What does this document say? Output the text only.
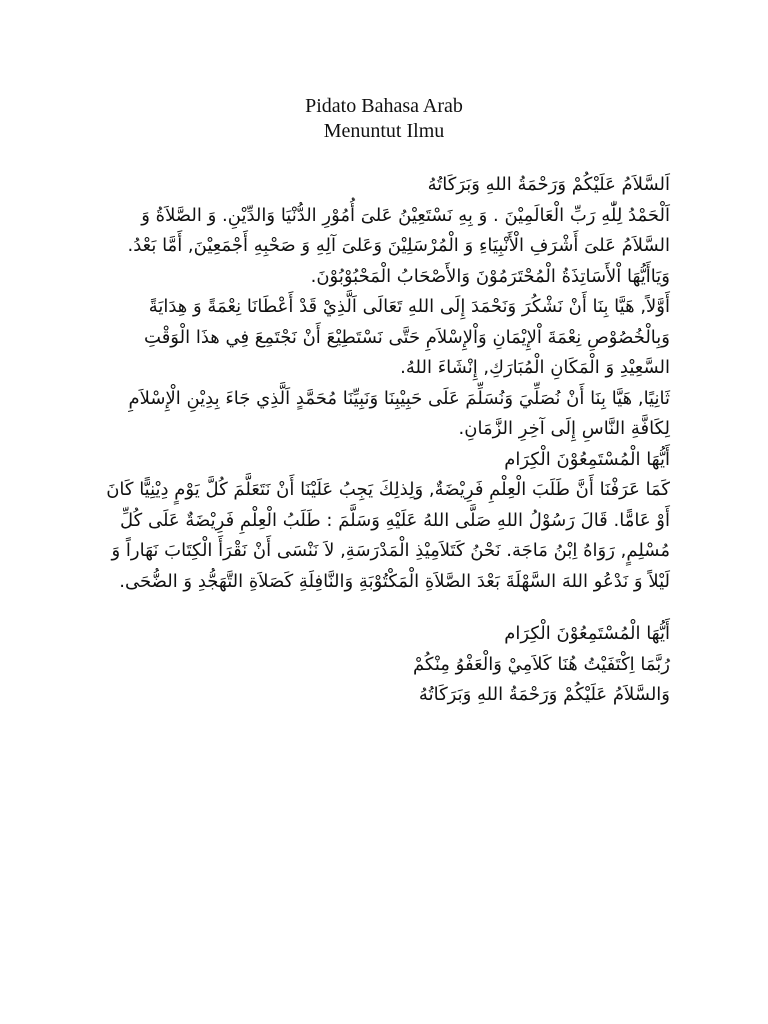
Pidato Bahasa Arab
Menuntut Ilmu

اَلسَّلاَمُ عَلَيْكُمْ وَرَحْمَةُ اللهِ وَبَرَكَاتُهُ

اَلْحَمْدُ لِلّٰهِ رَبِّ الْعَالَمِيْنَ . وَ بِهِ نَسْتَعِيْنُ عَلىَ أُمُوْرِ الدُّنْيَا وَالدِّيْنِ. وَ الصَّلاَةُ وَ السَّلاَمُ عَلىَ أَشْرَفِ الْأَنْبِيَاءِ وَ الْمُرْسَلِيْنَ وَعَلىَ آلِهِ وَ صَحْبِهِ أَجْمَعِيْنَ, أَمَّا بَعْدُ.

وَيَاأَيُّهَا اْلأَسَاتِذَةُ الْمُحْتَرَمُوْنَ وَالأَصْحَابُ الْمَحْبُوْبُوْنَ.

أَوَّلاً, هَيَّا بِنَا أَنْ نَشْكُرَ وَنَحْمَدَ إِلَى اللهِ تَعَالَى اَلَّذِيْ قَدْ أَعْطَانَا نِعْمَةً وَ هِدَايَةً وَبِالْخُصُوْصِ نِعْمَةَ اْلإِيْمَانِ وَاْلإِسْلاَمِ حَتَّى نَسْتَطِيْعَ أَنْ نَجْتَمِعَ فِي هذَا الْوَقْتِ السَّعِيْدِ وَ الْمَكَانِ الْمُبَارَكِ, إِنْشَاءَ اللهُ.

ثَانِيًا, هَيَّا بِنَا أَنْ نُصَلِّيَ وَنُسَلِّمَ عَلَى حَبِيْبِنَا وَنَبِيِّنَا مُحَمَّدٍ اَلَّذِي جَاءَ بِدِيْنِ الْإِسْلاَمِ لِكَافَّةِ النَّاسِ إِلَى آخِرِ الزَّمَانِ.

أَيُّهَا الْمُسْتَمِعُوْنَ الْكِرَام

كَمَا عَرَفْنَا أَنَّ طَلَبَ الْعِلْمِ فَرِيْضَةٌ, وَلِذلِكَ يَجِبُ عَلَيْنَا أَنْ نَتَعَلَّمَ كُلَّ يَوْمٍ دِيْنِيًّا كَانَ أَوْ عَامًّا. قَالَ رَسُوْلُ اللهِ صَلَّى اللهُ عَلَيْهِ وَسَلَّمَ : طَلَبُ الْعِلْمِ فَرِيْضَةٌ عَلَى كُلِّ مُسْلِمٍ, رَوَاهُ اِبْنُ مَاجَة. نَحْنُ كَتَلاَمِيْذِ الْمَدْرَسَةِ, لاَ نَنْسَى أَنْ نَقْرَأَ الْكِتَابَ نَهَاراً وَ لَيْلاً وَ نَدْعُو اللهَ السَّهْلَةَ بَعْدَ الصَّلاَةِ الْمَكْتُوْبَةِ وَالنَّافِلَةِ كَصَلاَةِ التَّهَجُّدِ وَ الضُّحَى.

أَيُّهَا الْمُسْتَمِعُوْنَ الْكِرَام

رُبَّمَا اِكْتَفَيْتُ هُنَا كَلاَمِيْ وَالْعَفْوُ مِنْكُمْ

وَالسَّلاَمُ عَلَيْكُمْ وَرَحْمَةُ اللهِ وَبَرَكَاتُهُ
